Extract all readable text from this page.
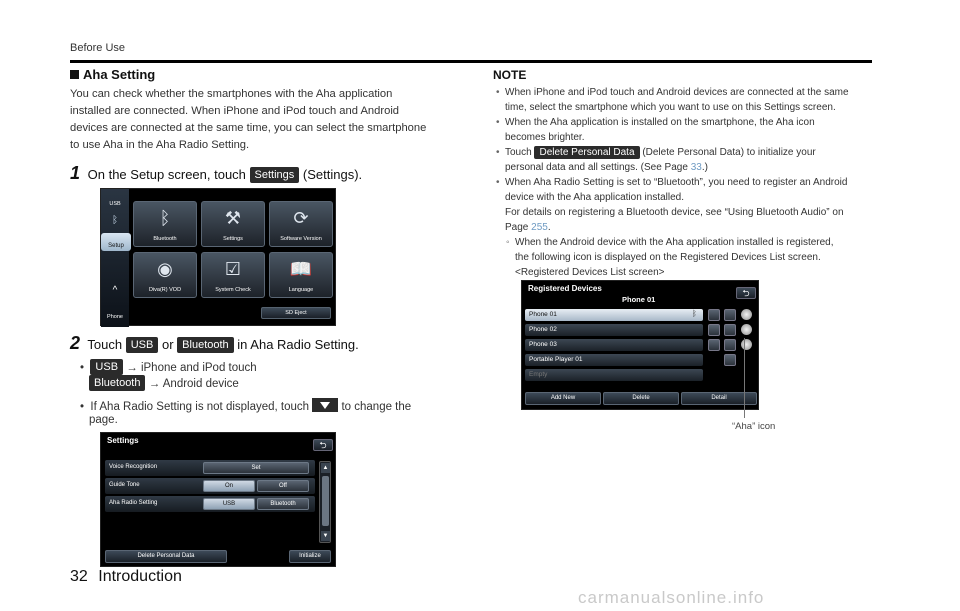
Before Use
Aha Setting
You can check whether the smartphones with the Aha application
installed are connected. When iPhone and iPod touch and Android
devices are connected at the same time, you can select the smartphone
to use Aha in the Aha Radio Setting.
1 On the Setup screen, touch Settings (Settings).
USB
ᛒ
Setup
^
Phone
ᛒ
Bluetooth
⚒
Settings
⟳
Software Version
◉
Diva(R) VOD
☑
System Check
📖
Language
SD Eject
2 Touch USB or Bluetooth in Aha Radio Setting.
•  USB → iPhone and iPod touch
Bluetooth → Android device
•  If Aha Radio Setting is not displayed, touch	to change the
page.
Settings	⮌
Voice Recognition	Set
Guide Tone	On	Off
Aha Radio Setting	USB	Bluetooth
▲
▼
Delete Personal Data	Initialize
NOTE
• When iPhone and iPod touch and Android devices are connected at the same
time, select the smartphone which you want to use on this Settings screen.
• When the Aha application is installed on the smartphone, the Aha icon
becomes brighter.
• Touch Delete Personal Data (Delete Personal Data) to initialize your
personal data and all settings. (See Page 33.)
• When Aha Radio Setting is set to “Bluetooth”, you need to register an Android
device with the Aha application installed.
For details on registering a Bluetooth device, see “Using Bluetooth Audio” on
Page 255.
◦ When the Android device with the Aha application installed is registered,
the following icon is displayed on the Registered Devices List screen.
<Registered Devices List screen>
Registered Devices
Phone 01
⮌
Phone 01	ᛒ
Phone 02
Phone 03
Portable Player 01
Empty
Add New	Delete	Detail
“Aha” icon
32 Introduction
carmanualsonline.info
